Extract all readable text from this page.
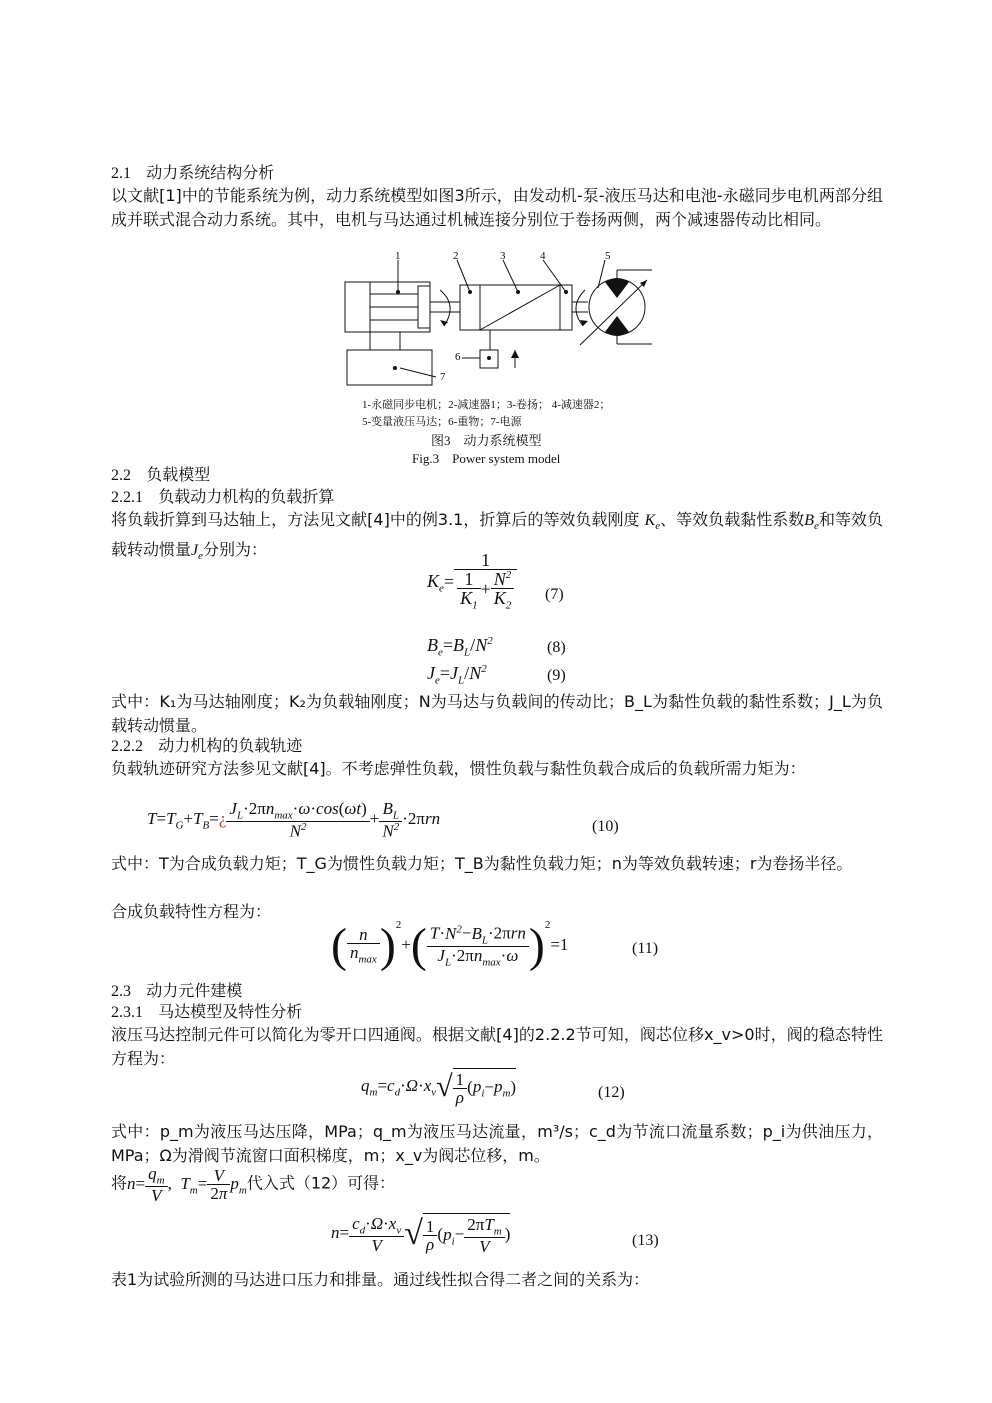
2.1 动力系统结构分析
以文献[1]中的节能系统为例，动力系统模型如图3所示，由发动机-泵-液压马达和电池-永磁同步电机两部分组成并联式混合动力系统。其中，电机与马达通过机械连接分别位于卷扬两侧，两个减速器传动比相同。
1	2	3	4	5
6
7
1-永磁同步电机；2-减速器1；3-卷扬； 4-减速器2；
5-变量液压马达；6-重物；7-电源
图3　动力系统模型
Fig.3　Power system model
2.2 负载模型
2.2.1 负载动力机构的负载折算
将负载折算到马达轴上，方法见文献[4]中的例3.1，折算后的等效负载刚度 $K_e$、等效负载黏性系数$B_e$和等效负载转动惯量$J_e$分别为：
$K_e= \frac{1}{\frac{1}{K_1} + \frac{N^2}{K_2}} (7)$
$B_e=B_L/N^2$	(8)
$J_e=J_L/N^2$	(9)
式中：K₁为马达轴刚度；K₂为负载轴刚度；N为马达与负载间的传动比；B_L为黏性负载的黏性系数；J_L为负载转动惯量。
2.2.2 动力机构的负载轨迹
负载轨迹研究方法参见文献[4]。不考虑弹性负载，惯性负载与黏性负载合成后的负载所需力矩为：
$T=T_G+T_B=¿ \frac{J_L\cdot 2\pi n_{max}\cdot\omega\cdot\cos(\omega t)}{N^2} + \frac{B_L}{N^2} \cdot 2\pi rn$	(10)
式中：T为合成负载力矩；T_G为惯性负载力矩；T_B为黏性负载力矩；n为等效负载转速；r为卷扬半径。
合成负载特性方程为：
( $\frac{n}{n_{max}} )^2+( \frac{T\cdot N^2-B_L\cdot 2\pi rn}{J_L\cdot 2\pi n_{max}\cdot\omega} )^2=1$	(11)
2.3 动力元件建模
2.3.1 马达模型及特性分析
液压马达控制元件可以简化为零开口四通阀。根据文献[4]的2.2.2节可知，阀芯位移x_v>0时，阀的稳态特性方程为：
$q_m=c_d\cdot\Omega\cdot x_v√ \frac{1}{\rho} (p_i-p_m)$	(12)
式中：p_m为液压马达压降，MPa；q_m为液压马达流量，m³/s；c_d为节流口流量系数；p_i为供油压力，MPa；Ω为滑阀节流窗口面积梯度，m；x_v为阀芯位移，m。
将$n= \frac{q_m}{V}$ ,  $T_m= \frac{V}{2\pi} p_m$代入式（12）可得：
$n= \frac{c_d\cdot\Omega\cdot x_v}{V}$ √ $\frac{1}{\rho} (p_i- \frac{2\pi T_m}{V}$ )	(13)
表1为试验所测的马达进口压力和排量。通过线性拟合得二者之间的关系为：
